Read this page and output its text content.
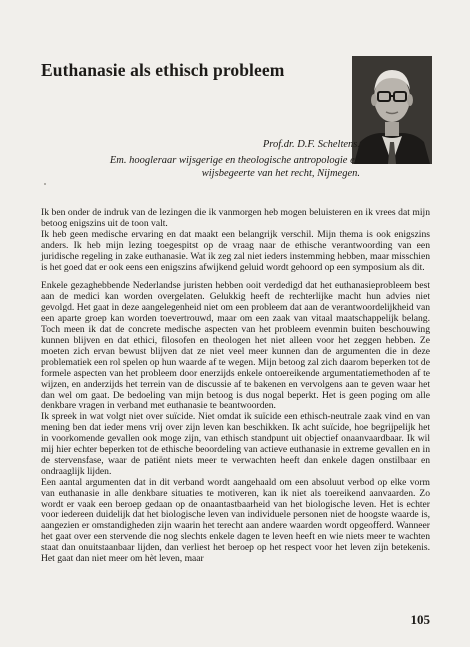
Euthanasie als ethisch probleem
Prof.dr. D.F. Scheltens.
Em. hoogleraar wijsgerige en theologische antropologie en
wijsbegeerte van het recht, Nijmegen.

Ik ben onder de indruk van de lezingen die ik vanmorgen heb mogen beluisteren en ik vrees dat mijn betoog enigszins uit de toon valt.

Ik heb geen medische ervaring en dat maakt een belangrijk verschil. Mijn thema is ook enigszins anders. Ik heb mijn lezing toegespitst op de vraag naar de ethische verantwoording van een juridische regeling in zake euthanasie. Wat ik zeg zal niet ieders instemming hebben, maar misschien is het goed dat er ook eens een enigszins afwijkend geluid wordt gehoord op een symposium als dit.

Enkele gezaghebbende Nederlandse juristen hebben ooit verdedigd dat het euthanasieprobleem best aan de medici kan worden overgelaten. Gelukkig heeft de rechterlijke macht hun advies niet gevolgd. Het gaat in deze aangelegenheid niet om een probleem dat aan de verantwoordelijkheid van een aparte groep kan worden toevertrouwd, maar om een zaak van vitaal maatschappelijk belang. Toch meen ik dat de concrete medische aspecten van het probleem evenmin buiten beschouwing kunnen blijven en dat ethici, filosofen en theologen het niet alleen voor het zeggen hebben. Ze moeten zich ervan bewust blijven dat ze niet veel meer kunnen dan de argumenten die in deze problematiek een rol spelen op hun waarde af te wegen. Mijn betoog zal zich daarom beperken tot de formele aspecten van het probleem door enerzijds enkele ontoereikende argumentatiemethoden af te wijzen, en anderzijds het terrein van de discussie af te bakenen en vervolgens aan te geven waar het dan wel om gaat. De bedoeling van mijn betoog is dus nogal beperkt. Het is geen poging om alle denkbare vragen in verband met euthanasie te beantwoorden.

Ik spreek in wat volgt niet over suïcide. Niet omdat ik suïcide een ethisch-neutrale zaak vind en van mening ben dat ieder mens vrij over zijn leven kan beschikken. Ik acht suïcide, hoe begrijpelijk het in voorkomende gevallen ook moge zijn, van ethisch standpunt uit objectief onaanvaardbaar. Ik wil mij hier echter beperken tot de ethische beoordeling van actieve euthanasie in extreme gevallen en in de stervensfase, waar de patiënt niets meer te verwachten heeft dan enkele dagen onstilbaar en ondraaglijk lijden.

Een aantal argumenten dat in dit verband wordt aangehaald om een absoluut verbod op elke vorm van euthanasie in alle denkbare situaties te motiveren, kan ik niet als toereikend aanvaarden. Zo wordt er vaak een beroep gedaan op de onaantastbaarheid van het biologische leven. Het is echter voor iedereen duidelijk dat het biologische leven van individuele personen niet de hoogste waarde is, aangezien er omstandigheden zijn waarin het terecht aan andere waarden wordt opgeofferd. Wanneer het gaat over een stervende die nog slechts enkele dagen te leven heeft en wie niets meer te wachten staat dan onuitstaanbaar lijden, dan verliest het beroep op het respect voor het leven zijn betekenis. Het gaat dan niet meer om hèt leven, maar

105
